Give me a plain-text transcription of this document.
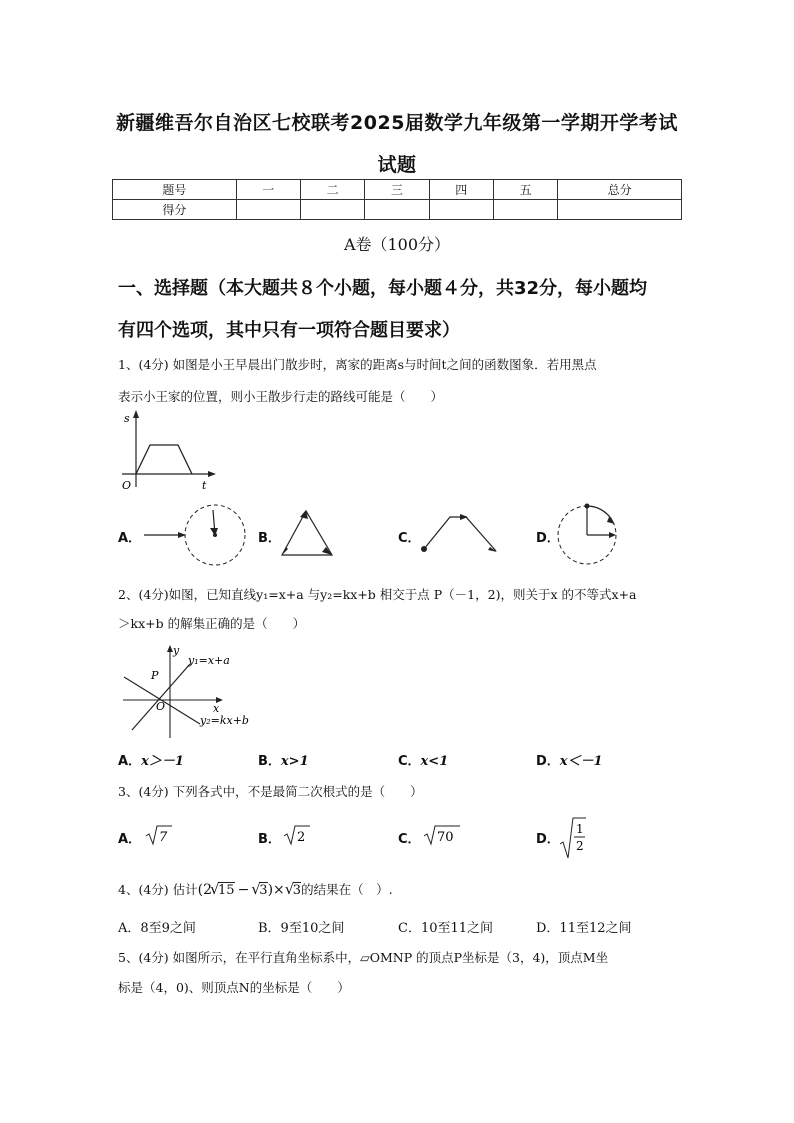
新疆维吾尔自治区七校联考2025届数学九年级第一学期开学考试
试题
题号	一	二	三	四	五	总分
得分						
A卷（100分）
一、选择题（本大题共８个小题，每小题４分，共32分，每小题均
有四个选项，其中只有一项符合题目要求）
1、(4分) 如图是小王早晨出门散步时，离家的距离s与时间t之间的函数图象．若用黑点
表示小王家的位置，则小王散步行走的路线可能是（　　）
s
O	t
A．	B．	C．	D．
2、(4分)如图，已知直线y₁=x+a 与y₂=kx+b 相交于点 P（－1，2)，则关于x 的不等式x+a
＞kx+b 的解集正确的是（　　）
y
y₁=x+a
P
O	x
y₂=kx+b
A．x＞－1	B．x>1	C．x<1	D．x＜－1
3、(4分) 下列各式中，不是最简二次根式的是（　　）
A． 7	B． 2	C． 70	D．
1
2
4、(4分) 估计(2
√
15 − √
3)× √
3的结果在（　）.
A．8至9之间	B．9至10之间	C．10至11之间	D．11至12之间
5、(4分) 如图所示，在平行直角坐标系中，▱OMNP 的顶点P坐标是（3，4)，顶点M坐
标是（4，0)、则顶点N的坐标是（　　）
